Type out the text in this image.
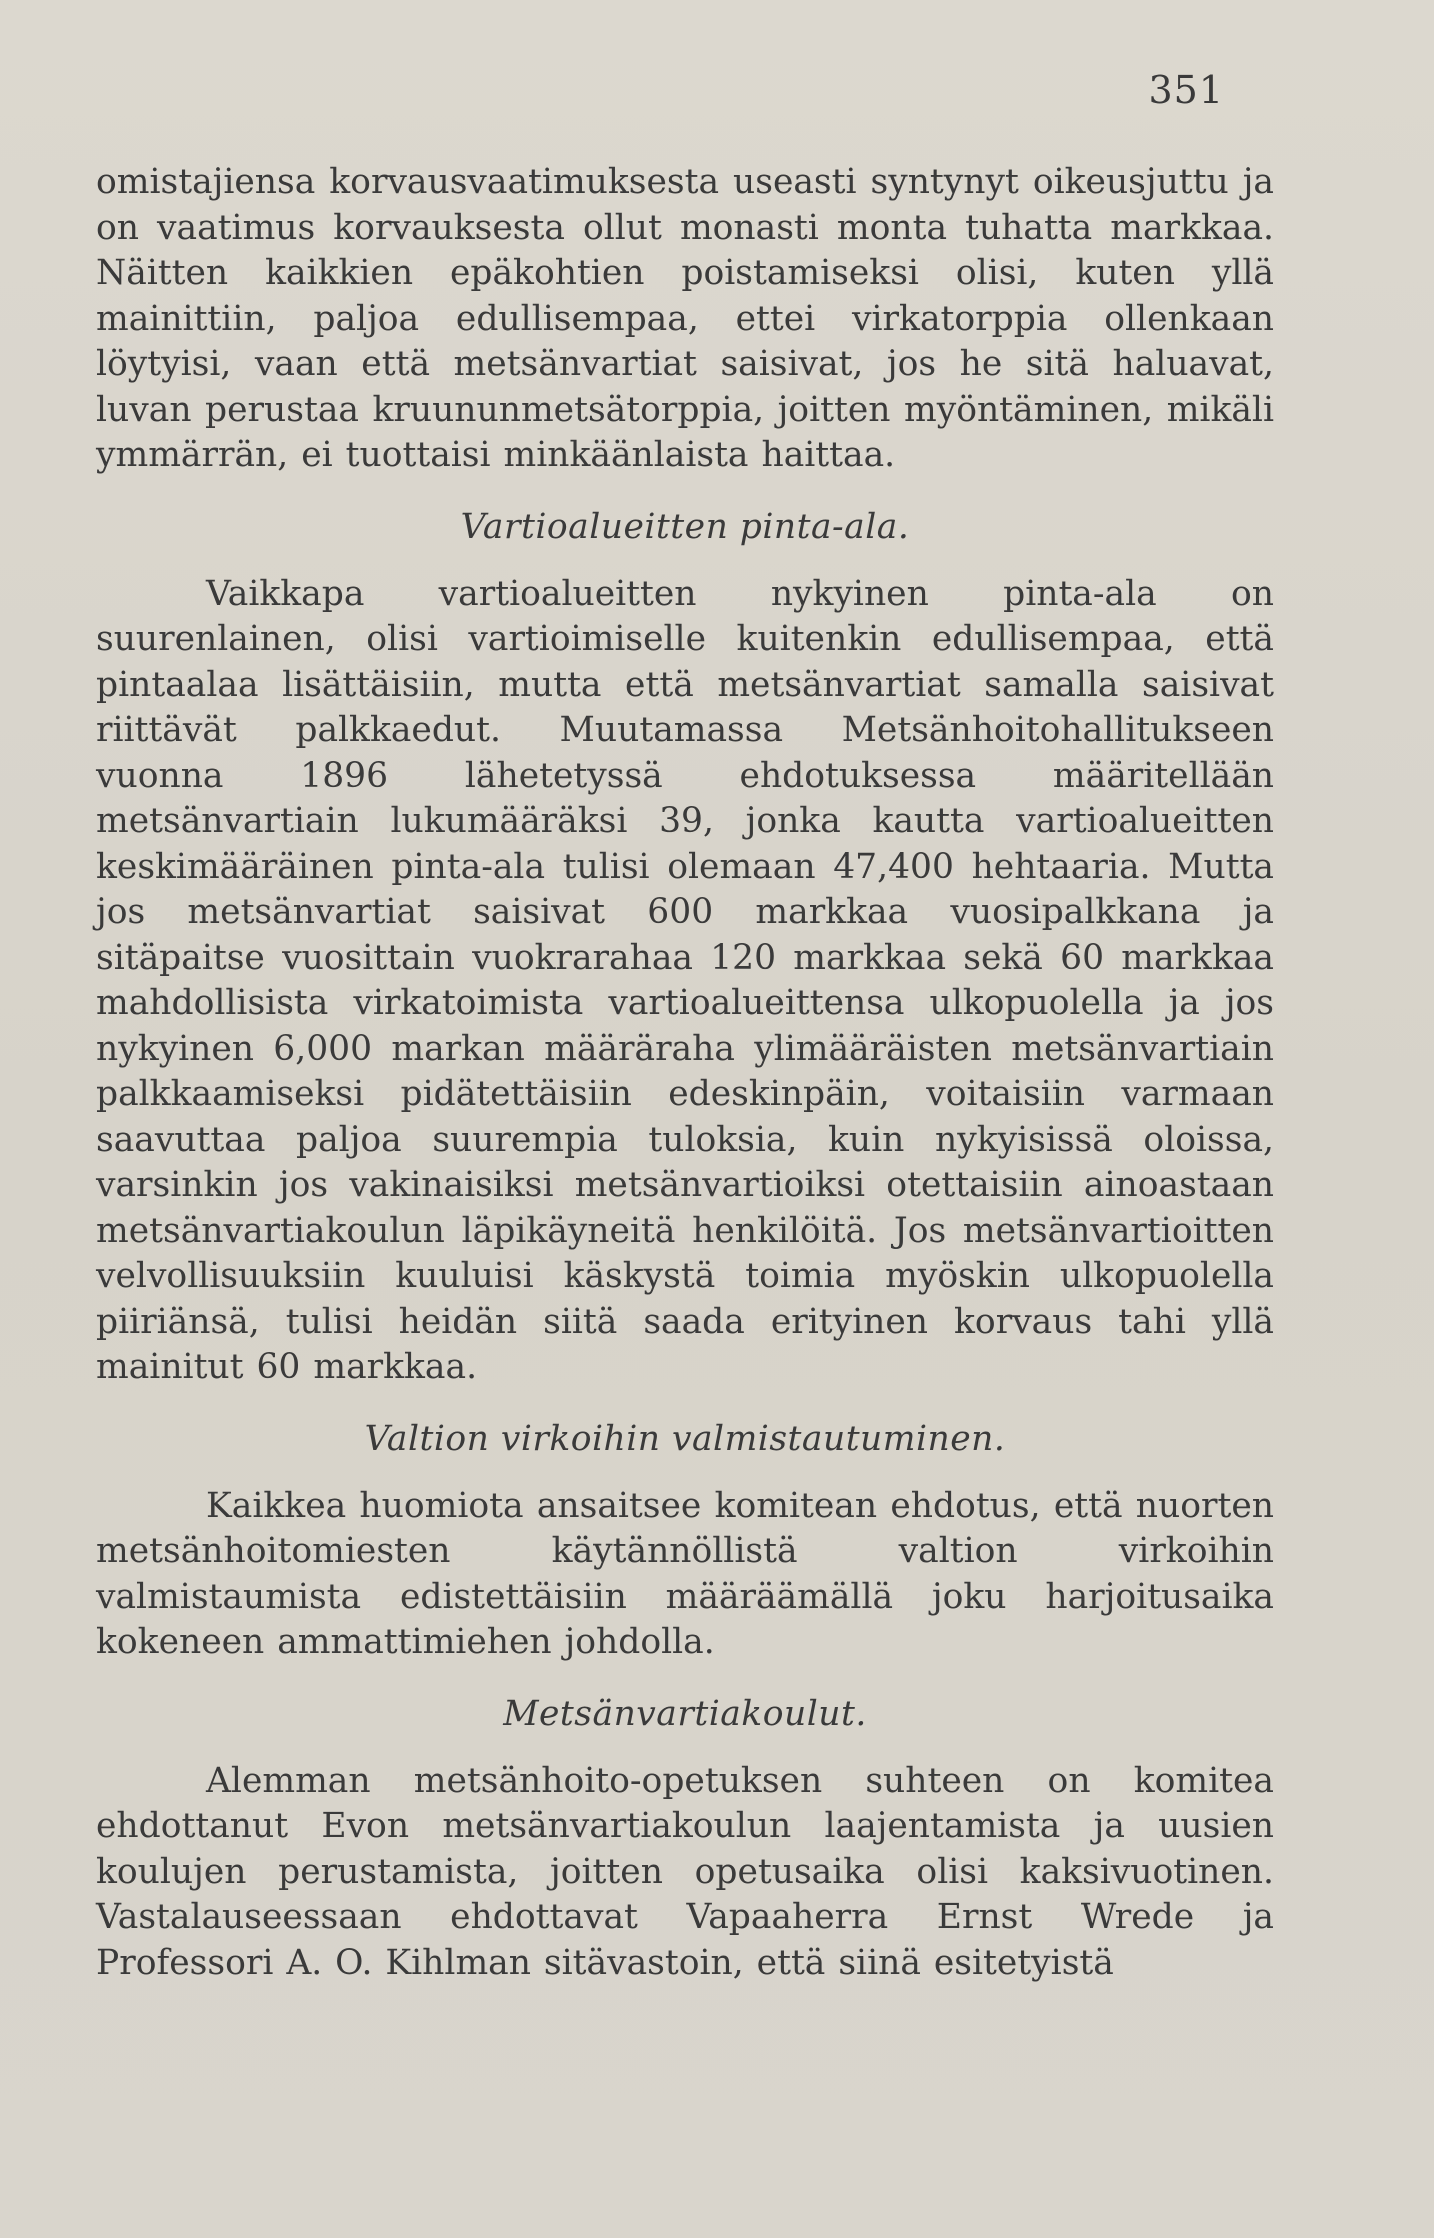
351

omistajiensa korvausvaatimuksesta useasti syntynyt oikeusjuttu ja on vaatimus korvauksesta ollut monasti monta tuhatta markkaa. Näitten kaikkien epäkohtien poistamiseksi olisi, kuten yllä mainittiin, paljoa edullisempaa, ettei virkatorppia ollenkaan löytyisi, vaan että metsänvartiat saisivat, jos he sitä haluavat, luvan perustaa kruununmetsätorppia, joitten myöntäminen, mikäli ymmärrän, ei tuottaisi minkäänlaista haittaa.

Vartioalueitten pinta-ala.

Vaikkapa vartioalueitten nykyinen pinta-ala on suurenlainen, olisi vartioimiselle kuitenkin edullisempaa, että pintaalaa lisättäisiin, mutta että metsänvartiat samalla saisivat riittävät palkkaedut. Muutamassa Metsänhoitohallitukseen vuonna 1896 lähetetyssä ehdotuksessa määritellään metsänvartiain lukumääräksi 39, jonka kautta vartioalueitten keskimääräinen pinta-ala tulisi olemaan 47,400 hehtaaria. Mutta jos metsänvartiat saisivat 600 markkaa vuosipalkkana ja sitäpaitse vuosittain vuokrarahaa 120 markkaa sekä 60 markkaa mahdollisista virkatoimista vartioalueittensa ulkopuolella ja jos nykyinen 6,000 markan määräraha ylimääräisten metsänvartiain palkkaamiseksi pidätettäisiin edeskinpäin, voitaisiin varmaan saavuttaa paljoa suurempia tuloksia, kuin nykyisissä oloissa, varsinkin jos vakinaisiksi metsänvartioiksi otettaisiin ainoastaan metsänvartiakoulun läpikäyneitä henkilöitä. Jos metsänvartioitten velvollisuuksiin kuuluisi käskystä toimia myöskin ulkopuolella piiriänsä, tulisi heidän siitä saada erityinen korvaus tahi yllä mainitut 60 markkaa.

Valtion virkoihin valmistautuminen.

Kaikkea huomiota ansaitsee komitean ehdotus, että nuorten metsänhoitomiesten käytännöllistä valtion virkoihin valmistaumista edistettäisiin määräämällä joku harjoitusaika kokeneen ammattimiehen johdolla.

Metsänvartiakoulut.

Alemman metsänhoito-opetuksen suhteen on komitea ehdottanut Evon metsänvartiakoulun laajentamista ja uusien koulujen perustamista, joitten opetusaika olisi kaksivuotinen. Vastalauseessaan ehdottavat Vapaaherra Ernst Wrede ja Professori A. O. Kihlman sitävastoin, että siinä esitetyistä
